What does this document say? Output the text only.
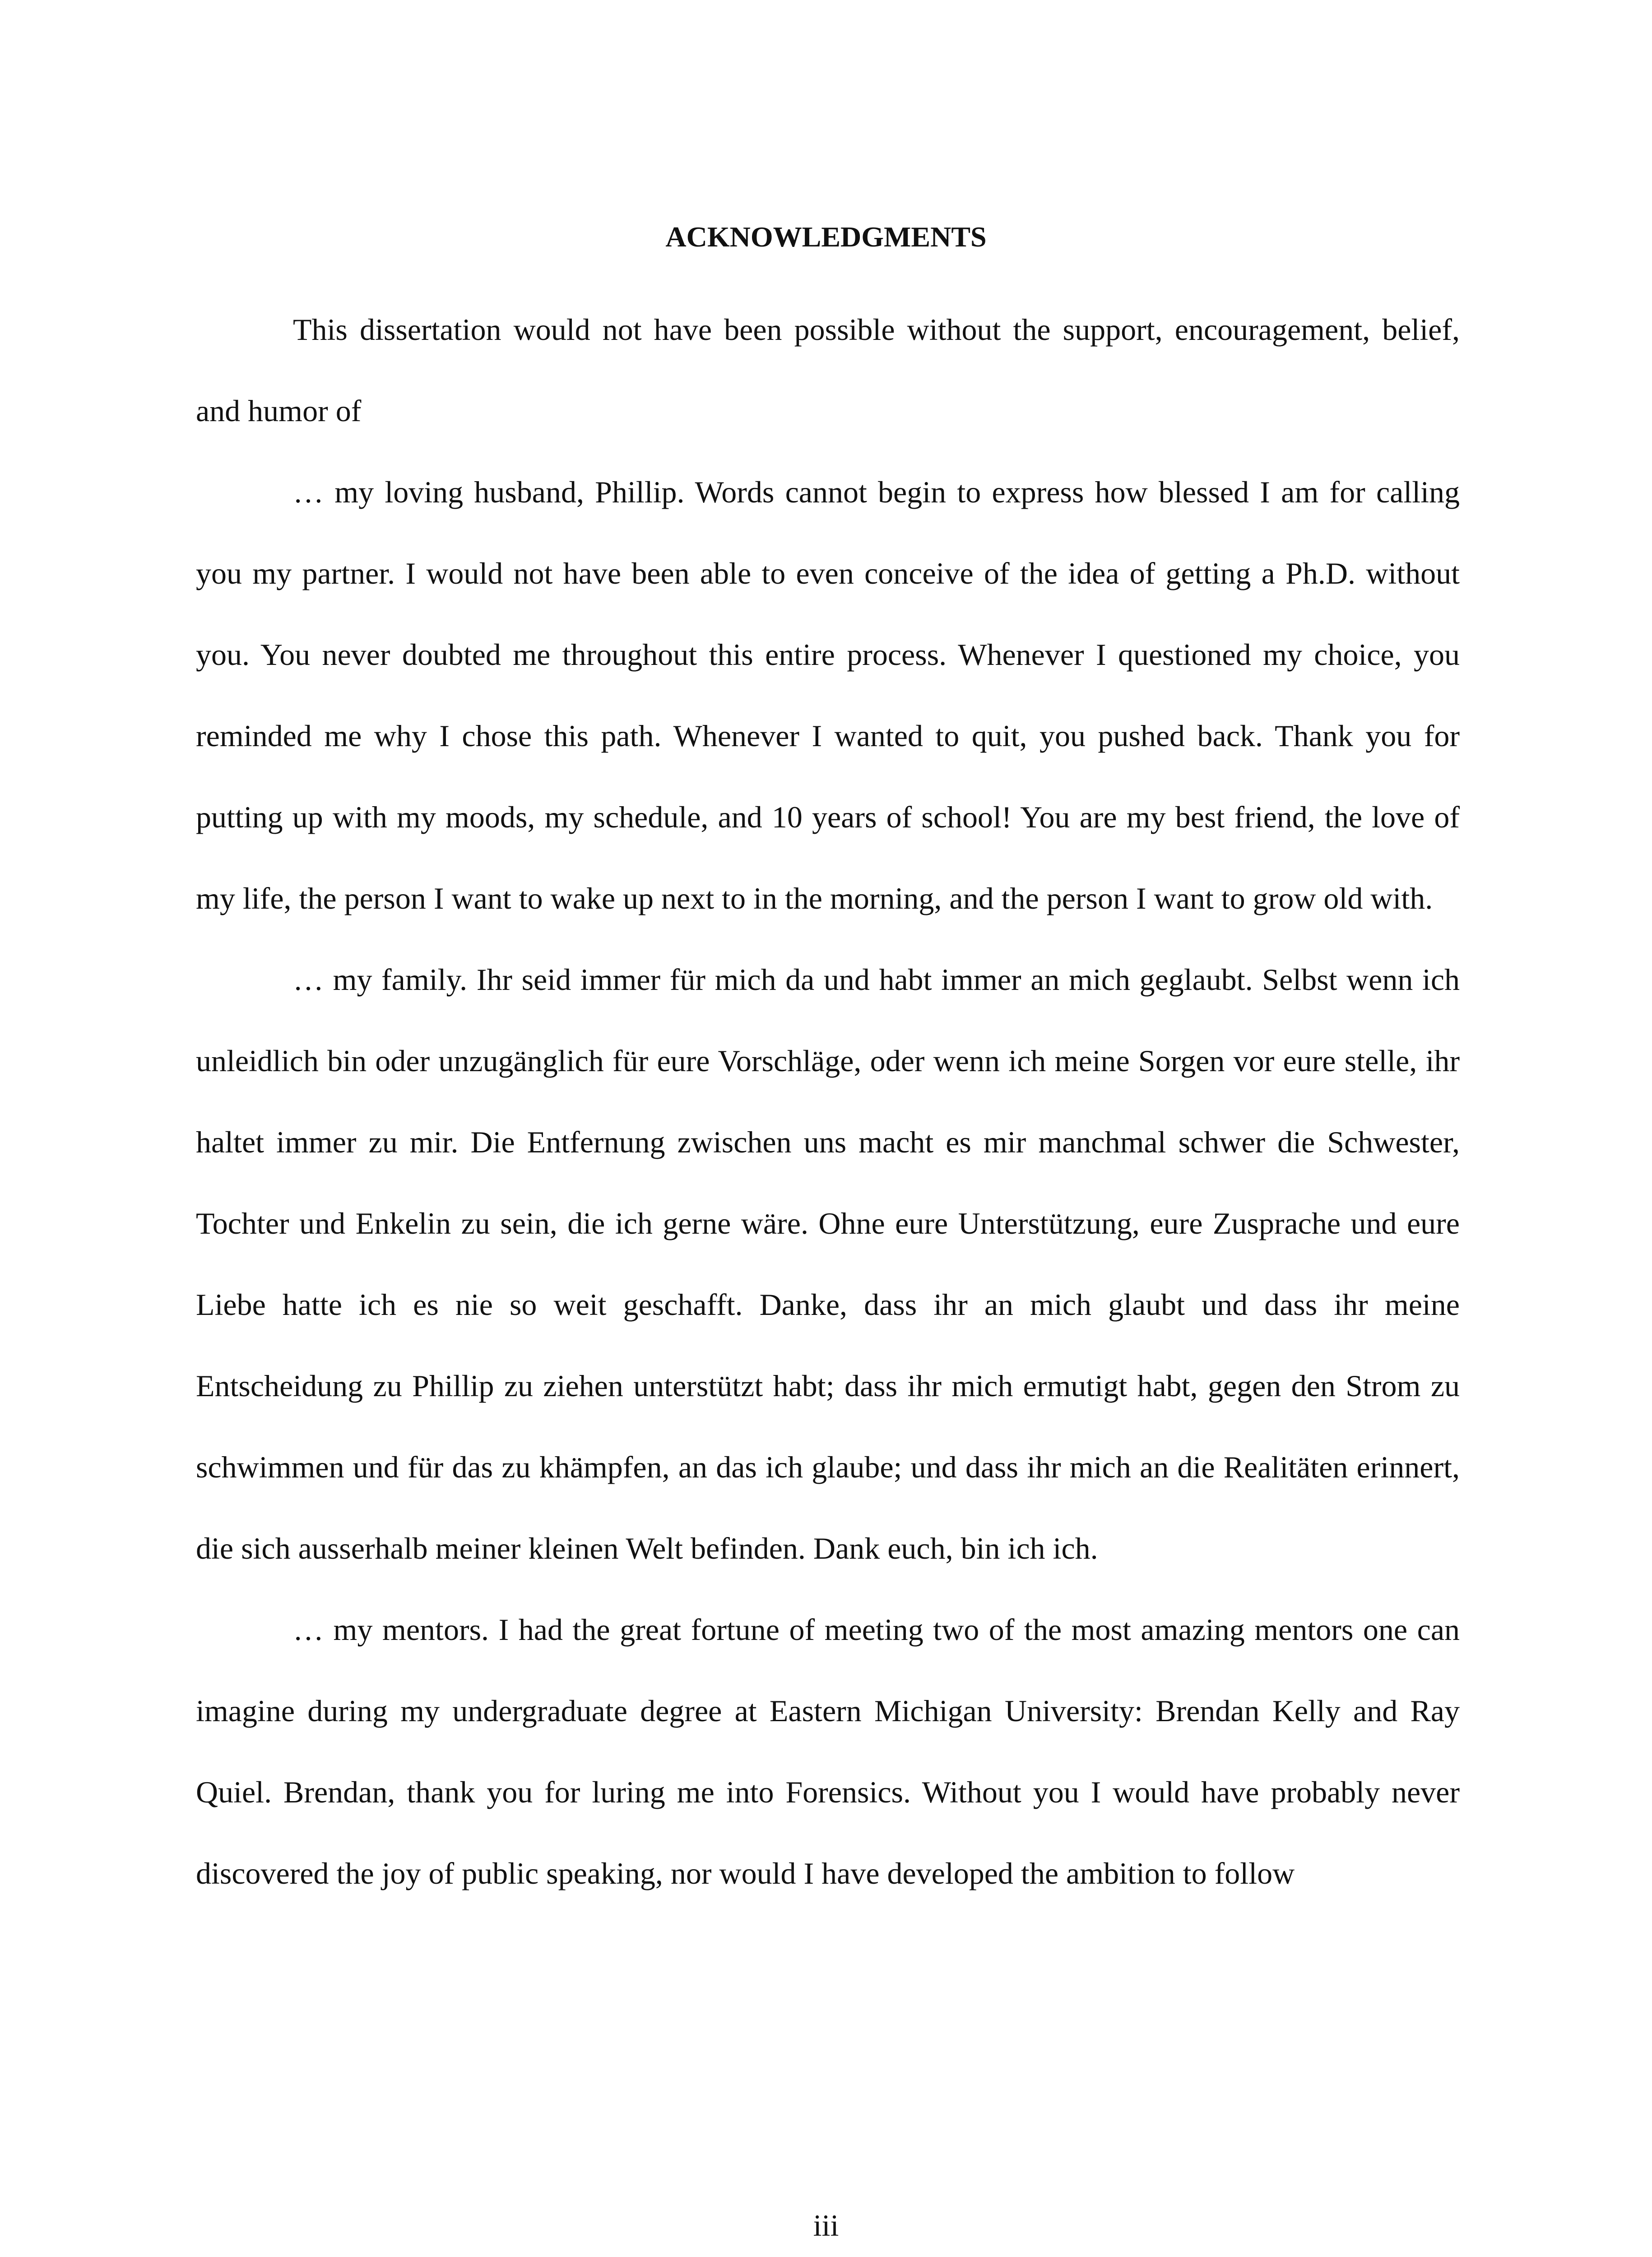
ACKNOWLEDGMENTS

This dissertation would not have been possible without the support, encouragement, belief, and humor of

… my loving husband, Phillip. Words cannot begin to express how blessed I am for calling you my partner. I would not have been able to even conceive of the idea of getting a Ph.D. without you. You never doubted me throughout this entire process. Whenever I questioned my choice, you reminded me why I chose this path. Whenever I wanted to quit, you pushed back. Thank you for putting up with my moods, my schedule, and 10 years of school! You are my best friend, the love of my life, the person I want to wake up next to in the morning, and the person I want to grow old with.

… my family. Ihr seid immer für mich da und habt immer an mich geglaubt. Selbst wenn ich unleidlich bin oder unzugänglich für eure Vorschläge, oder wenn ich meine Sorgen vor eure stelle, ihr haltet immer zu mir. Die Entfernung zwischen uns macht es mir manchmal schwer die Schwester, Tochter und Enkelin zu sein, die ich gerne wäre. Ohne eure Unterstützung, eure Zusprache und eure Liebe hatte ich es nie so weit geschafft. Danke, dass ihr an mich glaubt und dass ihr meine Entscheidung zu Phillip zu ziehen unterstützt habt; dass ihr mich ermutigt habt, gegen den Strom zu schwimmen und für das zu khämpfen, an das ich glaube; und dass ihr mich an die Realitäten erinnert, die sich ausserhalb meiner kleinen Welt befinden. Dank euch, bin ich ich.

… my mentors. I had the great fortune of meeting two of the most amazing mentors one can imagine during my undergraduate degree at Eastern Michigan University: Brendan Kelly and Ray Quiel. Brendan, thank you for luring me into Forensics. Without you I would have probably never discovered the joy of public speaking, nor would I have developed the ambition to follow

iii
